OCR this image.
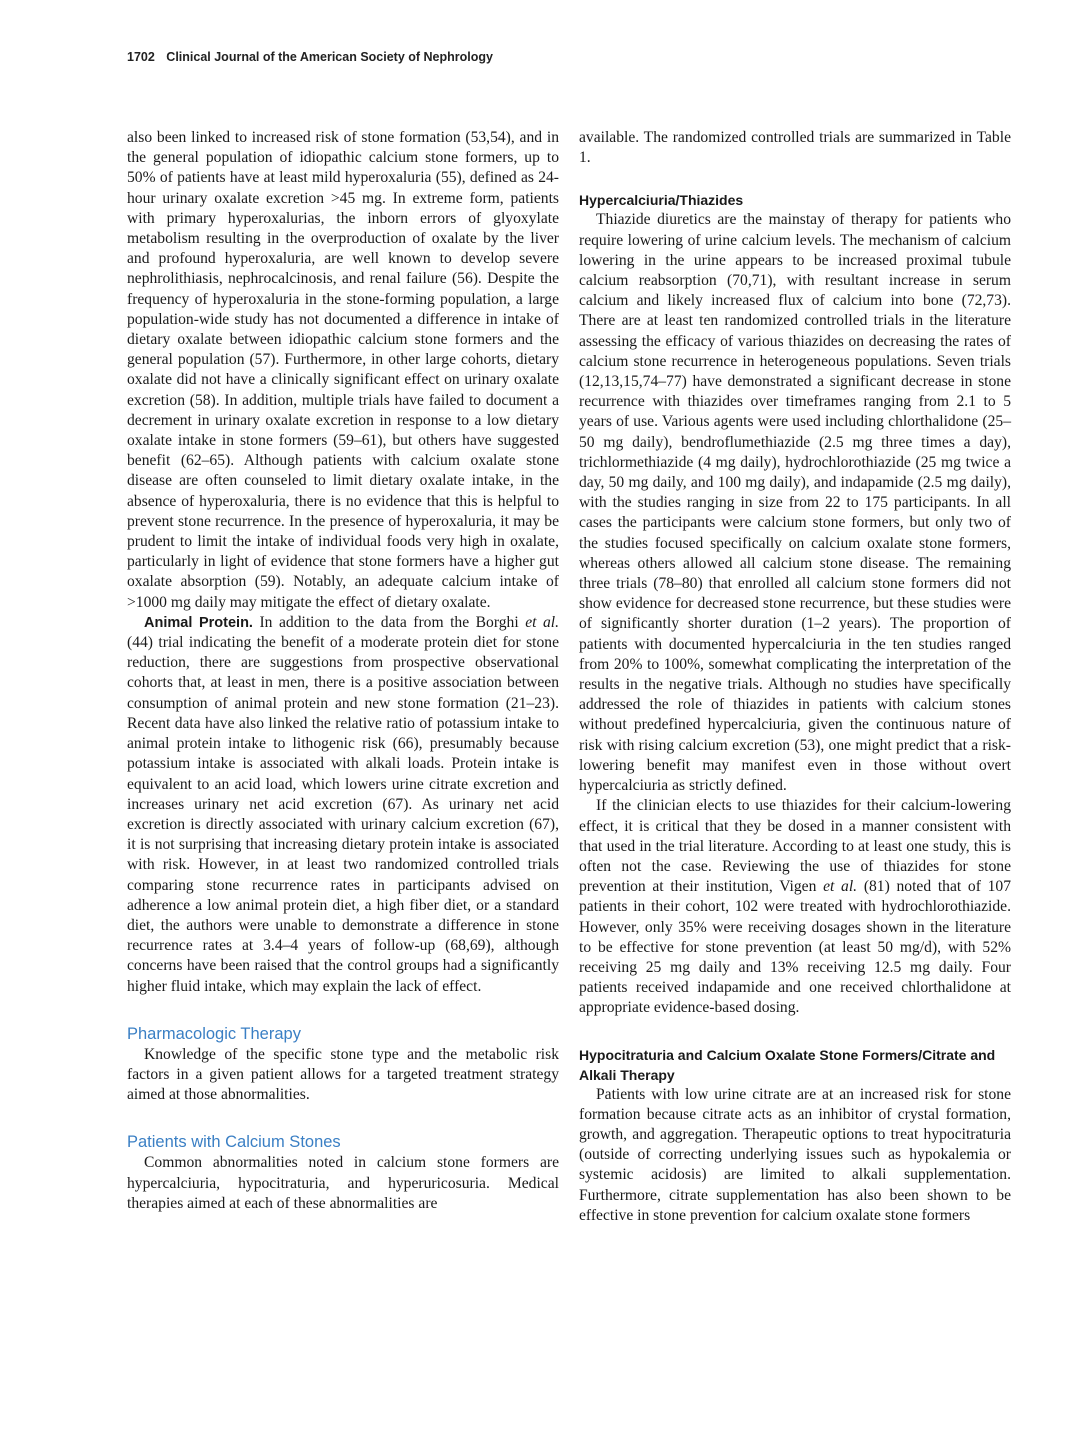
1702 Clinical Journal of the American Society of Nephrology

also been linked to increased risk of stone formation (53,54), and in the general population of idiopathic calcium stone formers, up to 50% of patients have at least mild hyperoxaluria (55), defined as 24-hour urinary oxalate excretion >45 mg. In extreme form, patients with primary hyperoxalurias, the inborn errors of glyoxylate metabolism resulting in the overproduction of oxalate by the liver and profound hyperoxaluria, are well known to develop severe nephrolithiasis, nephrocalcinosis, and renal failure (56). Despite the frequency of hyperoxaluria in the stone-forming population, a large population-wide study has not documented a difference in intake of dietary oxalate between idiopathic calcium stone formers and the general population (57). Furthermore, in other large cohorts, dietary oxalate did not have a clinically significant effect on urinary oxalate excretion (58). In addition, multiple trials have failed to document a decrement in urinary oxalate excretion in response to a low dietary oxalate intake in stone formers (59–61), but others have suggested benefit (62–65). Although patients with calcium oxalate stone disease are often counseled to limit dietary oxalate intake, in the absence of hyperoxaluria, there is no evidence that this is helpful to prevent stone recurrence. In the presence of hyperoxaluria, it may be prudent to limit the intake of individual foods very high in oxalate, particularly in light of evidence that stone formers have a higher gut oxalate absorption (59). Notably, an adequate calcium intake of >1000 mg daily may mitigate the effect of dietary oxalate.

Animal Protein. In addition to the data from the Borghi et al. (44) trial indicating the benefit of a moderate protein diet for stone reduction, there are suggestions from prospective observational cohorts that, at least in men, there is a positive association between consumption of animal protein and new stone formation (21–23). Recent data have also linked the relative ratio of potassium intake to animal protein intake to lithogenic risk (66), presumably because potassium intake is associated with alkali loads. Protein intake is equivalent to an acid load, which lowers urine citrate excretion and increases urinary net acid excretion (67). As urinary net acid excretion is directly associated with urinary calcium excretion (67), it is not surprising that increasing dietary protein intake is associated with risk. However, in at least two randomized controlled trials comparing stone recurrence rates in participants advised on adherence a low animal protein diet, a high fiber diet, or a standard diet, the authors were unable to demonstrate a difference in stone recurrence rates at 3.4–4 years of follow-up (68,69), although concerns have been raised that the control groups had a significantly higher fluid intake, which may explain the lack of effect.

Pharmacologic Therapy

Knowledge of the specific stone type and the metabolic risk factors in a given patient allows for a targeted treatment strategy aimed at those abnormalities.

Patients with Calcium Stones

Common abnormalities noted in calcium stone formers are hypercalciuria, hypocitraturia, and hyperuricosuria. Medical therapies aimed at each of these abnormalities are

available. The randomized controlled trials are summarized in Table 1.

Hypercalciuria/Thiazides

Thiazide diuretics are the mainstay of therapy for patients who require lowering of urine calcium levels. The mechanism of calcium lowering in the urine appears to be increased proximal tubule calcium reabsorption (70,71), with resultant increase in serum calcium and likely increased flux of calcium into bone (72,73). There are at least ten randomized controlled trials in the literature assessing the efficacy of various thiazides on decreasing the rates of calcium stone recurrence in heterogeneous populations. Seven trials (12,13,15,74–77) have demonstrated a significant decrease in stone recurrence with thiazides over timeframes ranging from 2.1 to 5 years of use. Various agents were used including chlorthalidone (25–50 mg daily), bendroflumethiazide (2.5 mg three times a day), trichlormethiazide (4 mg daily), hydrochlorothiazide (25 mg twice a day, 50 mg daily, and 100 mg daily), and indapamide (2.5 mg daily), with the studies ranging in size from 22 to 175 participants. In all cases the participants were calcium stone formers, but only two of the studies focused specifically on calcium oxalate stone formers, whereas others allowed all calcium stone disease. The remaining three trials (78–80) that enrolled all calcium stone formers did not show evidence for decreased stone recurrence, but these studies were of significantly shorter duration (1–2 years). The proportion of patients with documented hypercalciuria in the ten studies ranged from 20% to 100%, somewhat complicating the interpretation of the results in the negative trials. Although no studies have specifically addressed the role of thiazides in patients with calcium stones without predefined hypercalciuria, given the continuous nature of risk with rising calcium excretion (53), one might predict that a risk-lowering benefit may manifest even in those without overt hypercalciuria as strictly defined.

If the clinician elects to use thiazides for their calcium-lowering effect, it is critical that they be dosed in a manner consistent with that used in the trial literature. According to at least one study, this is often not the case. Reviewing the use of thiazides for stone prevention at their institution, Vigen et al. (81) noted that of 107 patients in their cohort, 102 were treated with hydrochlorothiazide. However, only 35% were receiving dosages shown in the literature to be effective for stone prevention (at least 50 mg/d), with 52% receiving 25 mg daily and 13% receiving 12.5 mg daily. Four patients received indapamide and one received chlorthalidone at appropriate evidence-based dosing.

Hypocitraturia and Calcium Oxalate Stone Formers/Citrate and Alkali Therapy

Patients with low urine citrate are at an increased risk for stone formation because citrate acts as an inhibitor of crystal formation, growth, and aggregation. Therapeutic options to treat hypocitraturia (outside of correcting underlying issues such as hypokalemia or systemic acidosis) are limited to alkali supplementation. Furthermore, citrate supplementation has also been shown to be effective in stone prevention for calcium oxalate stone formers
